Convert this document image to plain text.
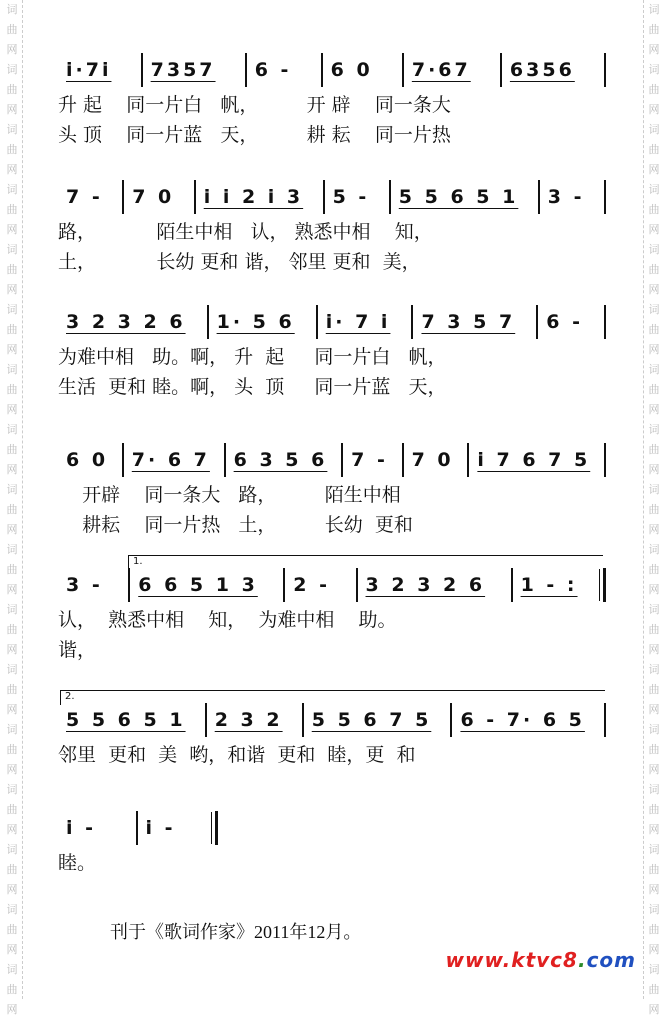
词
曲
网
词
曲
网
词
曲
网
词
曲
网
词
曲
网
词
曲
网
词
曲
网
词
曲
网
词
曲
网
词
曲
网
词
曲
网
词
曲
网
词
曲
网
词
曲
网
词
曲
网
词
曲
网
词
曲
网
词
曲
网
词
曲
网
词
曲
网
词
曲
网
词
曲
网
词
曲
网
词
曲
网
词
曲
网
词
曲
网
词
曲
网
词
曲
网
词
曲
网
词
曲
网
词
曲
网
词
曲
网
词
曲
网
词
曲
网
i·7i	7357	6 -	6 0	7·67	6356
升 起    同一片白   帆，        开 辟    同一条大
头 顶    同一片蓝   天，        耕 耘    同一片热
7 -	7 0	i i 2 i 3	5 -	5 5 6 5 1	3 -
路，          陌生中相   认， 熟悉中相    知，
土，          长幼 更和 谐， 邻里 更和  美，
3 2 3 2 6	1· 5 6	i· 7 i	7 3 5 7	6 -
为难中相   助。啊， 升  起     同一片白   帆，
生活  更和 睦。啊， 头  顶     同一片蓝   天，
6 0	7· 6 7	6 3 5 6	7 -	7 0	i 7 6 7 5
开辟    同一条大   路，        陌生中相
耕耘    同一片热   土，        长幼  更和
1.
3 -	6 6 5 1 3	2 -	3 2 3 2 6	1 - :
认，  熟悉中相    知，  为难中相    助。
谐，
2.
5 5 6 5 1	2 3 2	5 5 6 7 5	6 - 7· 6 5
邻里  更和  美  哟，和谐  更和  睦，更  和
i -	i -
睦。
刊于《歌词作家》2011年12月。
www.ktvc8.com
